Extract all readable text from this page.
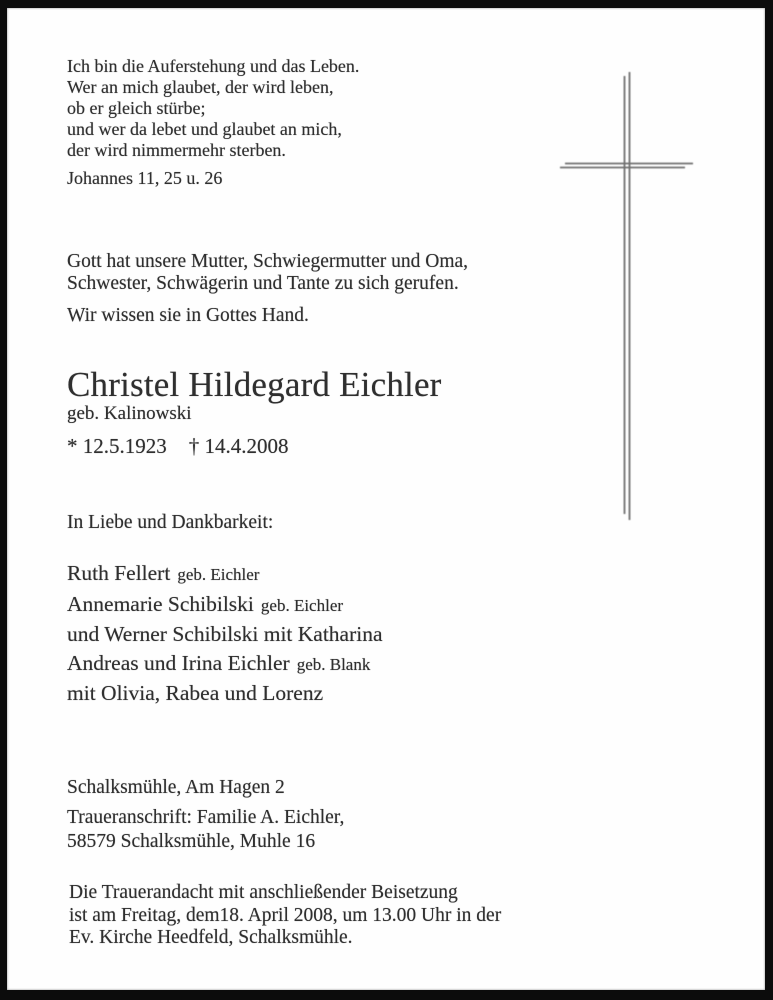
Ich bin die Auferstehung und das Leben.
Wer an mich glaubet, der wird leben,
ob er gleich stürbe;
und wer da lebet und glaubet an mich,
der wird nimmermehr sterben.
Johannes 11, 25 u. 26
Gott hat unsere Mutter, Schwiegermutter und Oma,
Schwester, Schwägerin und Tante zu sich gerufen.
Wir wissen sie in Gottes Hand.
Christel Hildegard Eichler
geb. Kalinowski
* 12.5.1923 † 14.4.2008
In Liebe und Dankbarkeit:
Ruth Fellert geb. Eichler
Annemarie Schibilski geb. Eichler
und Werner Schibilski mit Katharina
Andreas und Irina Eichler geb. Blank
mit Olivia, Rabea und Lorenz
Schalksmühle, Am Hagen 2
Traueranschrift: Familie A. Eichler,
58579 Schalksmühle, Muhle 16
Die Trauerandacht mit anschließender Beisetzung
ist am Freitag, dem18. April 2008, um 13.00 Uhr in der
Ev. Kirche Heedfeld, Schalksmühle.
